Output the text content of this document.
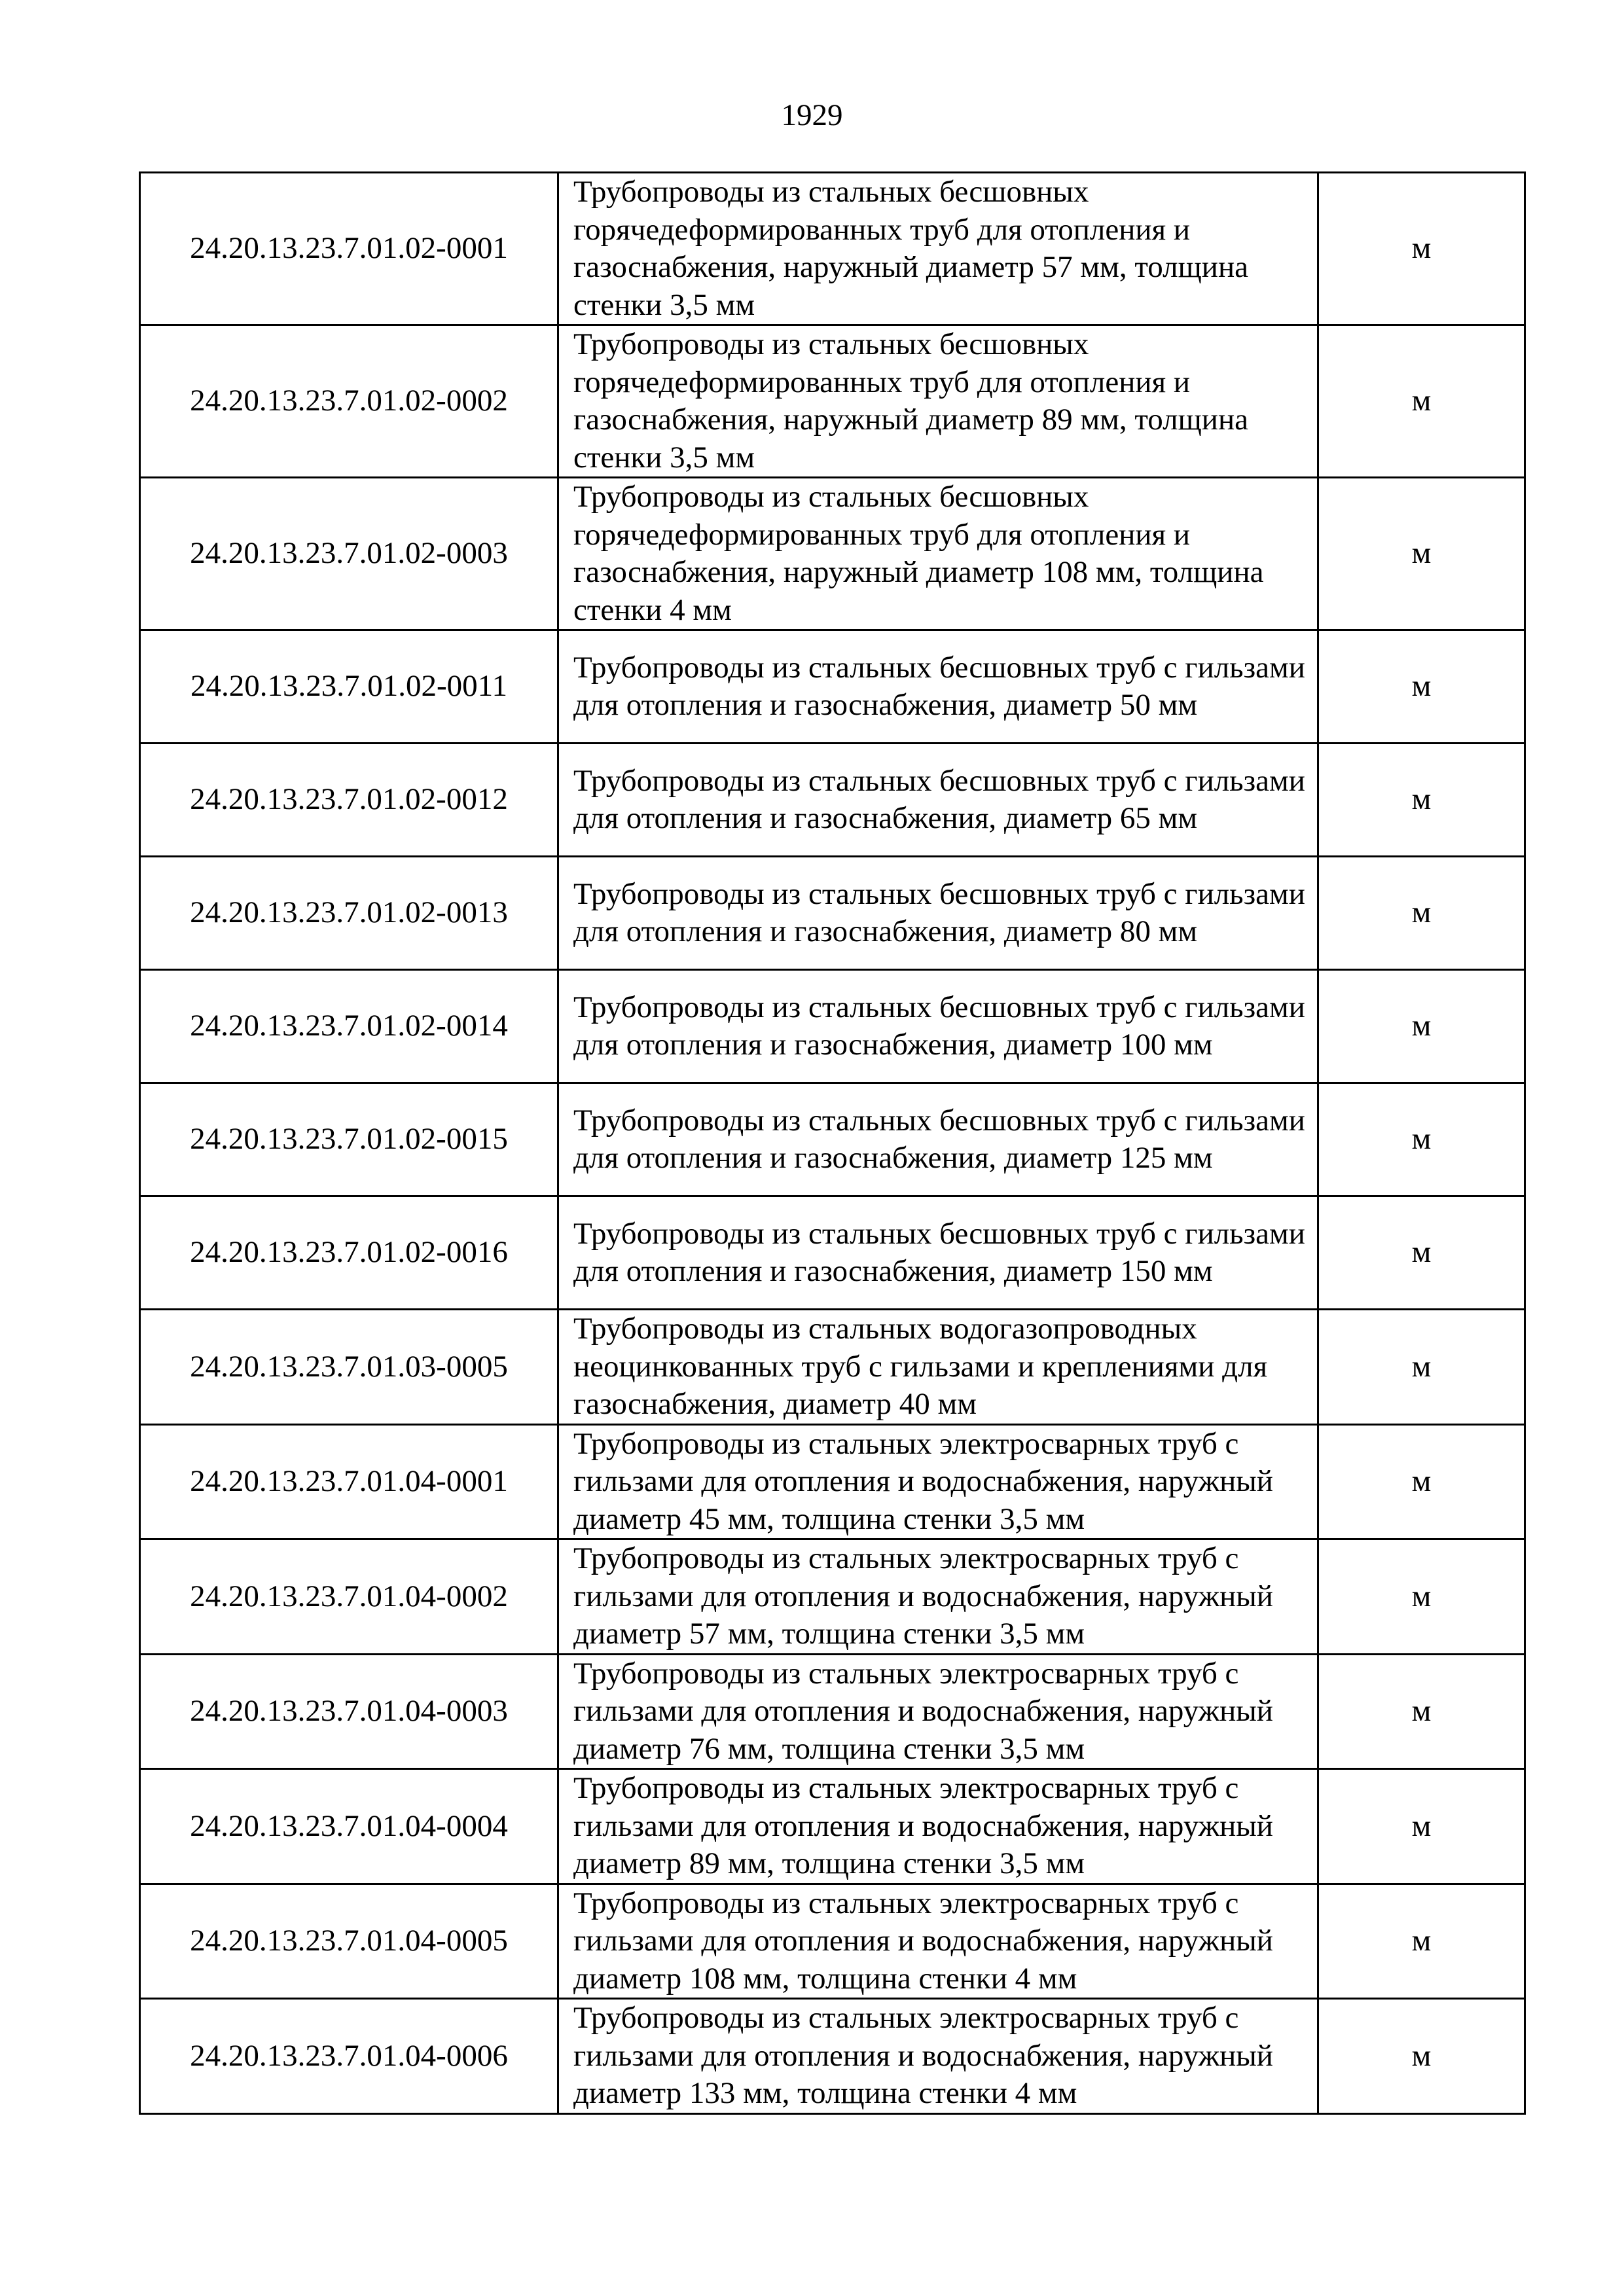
1929
24.20.13.23.7.01.02-0001	Трубопроводы из стальных бесшовных горячедеформированных труб для отопления и газоснабжения, наружный диаметр 57 мм, толщина стенки 3,5 мм	м
24.20.13.23.7.01.02-0002	Трубопроводы из стальных бесшовных горячедеформированных труб для отопления и газоснабжения, наружный диаметр 89 мм, толщина стенки 3,5 мм	м
24.20.13.23.7.01.02-0003	Трубопроводы из стальных бесшовных горячедеформированных труб для отопления и газоснабжения, наружный диаметр 108 мм, толщина стенки 4 мм	м
24.20.13.23.7.01.02-0011	Трубопроводы из стальных бесшовных труб с гильзами для отопления и газоснабжения, диаметр 50 мм	м
24.20.13.23.7.01.02-0012	Трубопроводы из стальных бесшовных труб с гильзами для отопления и газоснабжения, диаметр 65 мм	м
24.20.13.23.7.01.02-0013	Трубопроводы из стальных бесшовных труб с гильзами для отопления и газоснабжения, диаметр 80 мм	м
24.20.13.23.7.01.02-0014	Трубопроводы из стальных бесшовных труб с гильзами для отопления и газоснабжения, диаметр 100 мм	м
24.20.13.23.7.01.02-0015	Трубопроводы из стальных бесшовных труб с гильзами для отопления и газоснабжения, диаметр 125 мм	м
24.20.13.23.7.01.02-0016	Трубопроводы из стальных бесшовных труб с гильзами для отопления и газоснабжения, диаметр 150 мм	м
24.20.13.23.7.01.03-0005	Трубопроводы из стальных водогазопроводных неоцинкованных труб с гильзами и креплениями для газоснабжения, диаметр 40 мм	м
24.20.13.23.7.01.04-0001	Трубопроводы из стальных электросварных труб с гильзами для отопления и водоснабжения, наружный диаметр 45 мм, толщина стенки 3,5 мм	м
24.20.13.23.7.01.04-0002	Трубопроводы из стальных электросварных труб с гильзами для отопления и водоснабжения, наружный диаметр 57 мм, толщина стенки 3,5 мм	м
24.20.13.23.7.01.04-0003	Трубопроводы из стальных электросварных труб с гильзами для отопления и водоснабжения, наружный диаметр 76 мм, толщина стенки 3,5 мм	м
24.20.13.23.7.01.04-0004	Трубопроводы из стальных электросварных труб с гильзами для отопления и водоснабжения, наружный диаметр 89 мм, толщина стенки 3,5 мм	м
24.20.13.23.7.01.04-0005	Трубопроводы из стальных электросварных труб с гильзами для отопления и водоснабжения, наружный диаметр 108 мм, толщина стенки 4 мм	м
24.20.13.23.7.01.04-0006	Трубопроводы из стальных электросварных труб с гильзами для отопления и водоснабжения, наружный диаметр 133 мм, толщина стенки 4 мм	м
